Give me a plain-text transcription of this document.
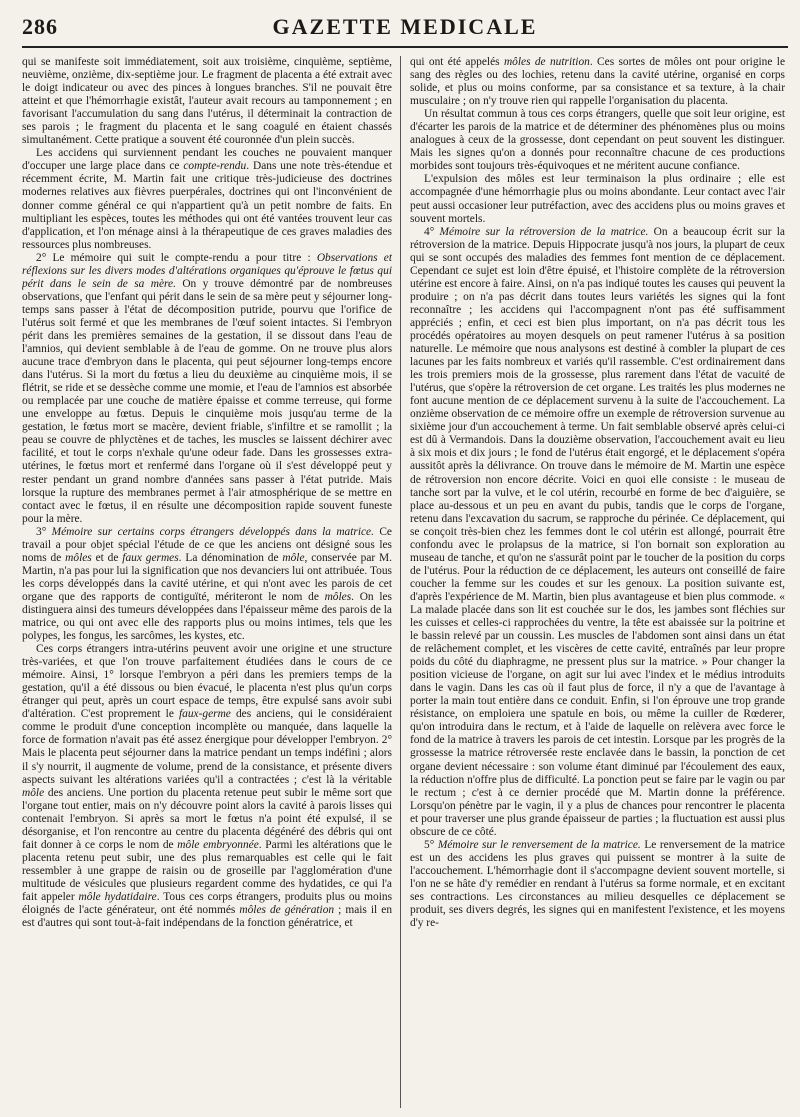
286	GAZETTE MEDICALE

qui se manifeste soit immédiatement, soit aux troisième, cinquième, septième, neuvième, onzième, dix-septième jour. Le fragment de placenta a été extrait avec le doigt indicateur ou avec des pinces à longues branches. S'il ne pouvait être atteint et que l'hémorrhagie existât, l'auteur avait recours au tamponnement ; en favorisant l'accumulation du sang dans l'utérus, il déterminait la contraction de ses parois ; le fragment du placenta et le sang coagulé en étaient chassés simultanément. Cette pratique a souvent été couronnée d'un plein succès.

Les accidens qui surviennent pendant les couches ne pouvaient manquer d'occuper une large place dans ce compte-rendu. Dans une note très-étendue et récemment écrite, M. Martin fait une critique très-judicieuse des doctrines modernes relatives aux fièvres puerpérales, doctrines qui ont l'inconvénient de donner comme général ce qui n'appartient qu'à un petit nombre de faits. En multipliant les espèces, toutes les méthodes qui ont été vantées trouvent leur cas d'application, et l'on ménage ainsi à la thérapeutique de ces graves maladies des ressources plus nombreuses.

2° Le mémoire qui suit le compte-rendu a pour titre : Observations et réflexions sur les divers modes d'altérations organiques qu'éprouve le fœtus qui périt dans le sein de sa mère. On y trouve démontré par de nombreuses observations, que l'enfant qui périt dans le sein de sa mère peut y séjourner long-temps sans passer à l'état de décomposition putride, pourvu que l'orifice de l'utérus soit fermé et que les membranes de l'œuf soient intactes. Si l'embryon périt dans les premières semaines de la gestation, il se dissout dans l'eau de l'amnios, qui devient semblable à de l'eau de gomme. On ne trouve plus alors aucune trace d'embryon dans le placenta, qui peut séjourner long-temps encore dans l'utérus. Si la mort du fœtus a lieu du deuxième au cinquième mois, il se flétrit, se ride et se dessèche comme une momie, et l'eau de l'amnios est absorbée ou remplacée par une couche de matière épaisse et comme terreuse, qui forme une enveloppe au fœtus. Depuis le cinquième mois jusqu'au terme de la gestation, le fœtus mort se macère, devient friable, s'infiltre et se ramollit ; la peau se couvre de phlyctènes et de taches, les muscles se laissent déchirer avec facilité, et tout le corps n'exhale qu'une odeur fade. Dans les grossesses extra-utérines, le fœtus mort et renfermé dans l'organe où il s'est développé peut y rester pendant un grand nombre d'années sans passer à l'état putride. Mais lorsque la rupture des membranes permet à l'air atmosphérique de se mettre en contact avec le fœtus, il en résulte une décomposition rapide souvent funeste pour la mère.

3° Mémoire sur certains corps étrangers développés dans la matrice. Ce travail a pour objet spécial l'étude de ce que les anciens ont désigné sous les noms de môles et de faux germes. La dénomination de môle, conservée par M. Martin, n'a pas pour lui la signification que nos devanciers lui ont attribuée. Tous les corps développés dans la cavité utérine, et qui n'ont avec les parois de cet organe que des rapports de contiguïté, mériteront le nom de môles. On les distinguera ainsi des tumeurs développées dans l'épaisseur même des parois de la matrice, ou qui ont avec elle des rapports plus ou moins intimes, tels que les polypes, les fongus, les sarcômes, les kystes, etc.

Ces corps étrangers intra-utérins peuvent avoir une origine et une structure très-variées, et que l'on trouve parfaitement étudiées dans le cours de ce mémoire. Ainsi, 1° lorsque l'embryon a péri dans les premiers temps de la gestation, qu'il a été dissous ou bien évacué, le placenta n'est plus qu'un corps étranger qui peut, après un court espace de temps, être expulsé sans avoir subi d'altération. C'est proprement le faux-germe des anciens, qui le considéraient comme le produit d'une conception incomplète ou manquée, dans laquelle la force de formation n'avait pas été assez énergique pour développer l'embryon. 2° Mais le placenta peut séjourner dans la matrice pendant un temps indéfini ; alors il s'y nourrit, il augmente de volume, prend de la consistance, et présente divers aspects suivant les altérations variées qu'il a contractées ; c'est là la véritable môle des anciens. Une portion du placenta retenue peut subir le même sort que l'organe tout entier, mais on n'y découvre point alors la cavité à parois lisses qui contenait l'embryon. Si après sa mort le fœtus n'a point été expulsé, il se désorganise, et l'on rencontre au centre du placenta dégénéré des débris qui ont fait donner à ce corps le nom de môle embryonnée. Parmi les altérations que le placenta retenu peut subir, une des plus remarquables est celle qui le fait ressembler à une grappe de raisin ou de groseille par l'agglomération d'une multitude de vésicules que plusieurs regardent comme des hydatides, ce qui l'a fait appeler môle hydatidaire. Tous ces corps étrangers, produits plus ou moins éloignés de l'acte générateur, ont été nommés môles de génération ; mais il en est d'autres qui sont tout-à-fait indépendans de la fonction génératrice, et

qui ont été appelés môles de nutrition. Ces sortes de môles ont pour origine le sang des règles ou des lochies, retenu dans la cavité utérine, organisé en corps solide, et plus ou moins conforme, par sa consistance et sa texture, à la chair musculaire ; on n'y trouve rien qui rappelle l'organisation du placenta.

Un résultat commun à tous ces corps étrangers, quelle que soit leur origine, est d'écarter les parois de la matrice et de déterminer des phénomènes plus ou moins analogues à ceux de la grossesse, dont cependant on peut souvent les distinguer. Mais les signes qu'on a donnés pour reconnaître chacune de ces productions morbides sont toujours très-équivoques et ne méritent aucune confiance.

L'expulsion des môles est leur terminaison la plus ordinaire ; elle est accompagnée d'une hémorrhagie plus ou moins abondante. Leur contact avec l'air peut aussi occasioner leur putréfaction, avec des accidens plus ou moins graves et souvent mortels.

4° Mémoire sur la rétroversion de la matrice. On a beaucoup écrit sur la rétroversion de la matrice. Depuis Hippocrate jusqu'à nos jours, la plupart de ceux qui se sont occupés des maladies des femmes font mention de ce déplacement. Cependant ce sujet est loin d'être épuisé, et l'histoire complète de la rétroversion utérine est encore à faire. Ainsi, on n'a pas indiqué toutes les causes qui peuvent la produire ; on n'a pas décrit dans toutes leurs variétés les signes qui la font reconnaître ; les accidens qui l'accompagnent n'ont pas été suffisamment appréciés ; enfin, et ceci est bien plus important, on n'a pas décrit tous les procédés opératoires au moyen desquels on peut ramener l'utérus à sa position naturelle. Le mémoire que nous analysons est destiné à combler la plupart de ces lacunes par les faits nombreux et variés qu'il rassemble. C'est ordinairement dans les trois premiers mois de la grossesse, plus rarement dans l'état de vacuité de l'utérus, que s'opère la rétroversion de cet organe. Les traités les plus modernes ne font aucune mention de ce déplacement survenu à la suite de l'accouchement. La onzième observation de ce mémoire offre un exemple de rétroversion survenue au sixième jour d'un accouchement à terme. Un fait semblable observé après celui-ci est dû à Vermandois. Dans la douzième observation, l'accouchement avait eu lieu à six mois et dix jours ; le fond de l'utérus était engorgé, et le déplacement s'opéra aussitôt après la délivrance. On trouve dans le mémoire de M. Martin une espèce de rétroversion non encore décrite. Voici en quoi elle consiste : le museau de tanche sort par la vulve, et le col utérin, recourbé en forme de bec d'aiguière, se place au-dessous et un peu en avant du pubis, tandis que le corps de l'organe, retenu dans l'excavation du sacrum, se rapproche du périnée. Ce déplacement, qui se conçoit très-bien chez les femmes dont le col utérin est allongé, pourrait être confondu avec le prolapsus de la matrice, si l'on bornait son exploration au museau de tanche, et qu'on ne s'assurât point par le toucher de la position du corps de l'utérus. Pour la réduction de ce déplacement, les auteurs ont conseillé de faire coucher la femme sur les coudes et sur les genoux. La position suivante est, d'après l'expérience de M. Martin, bien plus avantageuse et bien plus commode. « La malade placée dans son lit est couchée sur le dos, les jambes sont fléchies sur les cuisses et celles-ci rapprochées du ventre, la tête est abaissée sur la poitrine et le bassin relevé par un coussin. Les muscles de l'abdomen sont ainsi dans un état de relâchement complet, et les viscères de cette cavité, entraînés par leur propre poids du côté du diaphragme, ne pressent plus sur la matrice. » Pour changer la position vicieuse de l'organe, on agit sur lui avec l'index et le médius introduits dans le vagin. Dans les cas où il faut plus de force, il n'y a que de l'avantage à porter la main tout entière dans ce conduit. Enfin, si l'on éprouve une trop grande résistance, on emploiera une spatule en bois, ou même la cuiller de Rœderer, qu'on introduira dans le rectum, et à l'aide de laquelle on relèvera avec force le fond de la matrice à travers les parois de cet intestin. Lorsque par les progrès de la grossesse la matrice rétroversée reste enclavée dans le bassin, la ponction de cet organe devient nécessaire : son volume étant diminué par l'écoulement des eaux, la réduction n'offre plus de difficulté. La ponction peut se faire par le vagin ou par le rectum ; c'est à ce dernier procédé que M. Martin donne la préférence. Lorsqu'on pénètre par le vagin, il y a plus de chances pour rencontrer le placenta et pour traverser une plus grande épaisseur de parties ; la fluctuation est aussi plus obscure de ce côté.

5° Mémoire sur le renversement de la matrice. Le renversement de la matrice est un des accidens les plus graves qui puissent se montrer à la suite de l'accouchement. L'hémorrhagie dont il s'accompagne devient souvent mortelle, si l'on ne se hâte d'y remédier en rendant à l'utérus sa forme normale, et en excitant ses contractions. Les circonstances au milieu desquelles ce déplacement se produit, ses divers degrés, les signes qui en manifestent l'existence, et les moyens d'y re-
